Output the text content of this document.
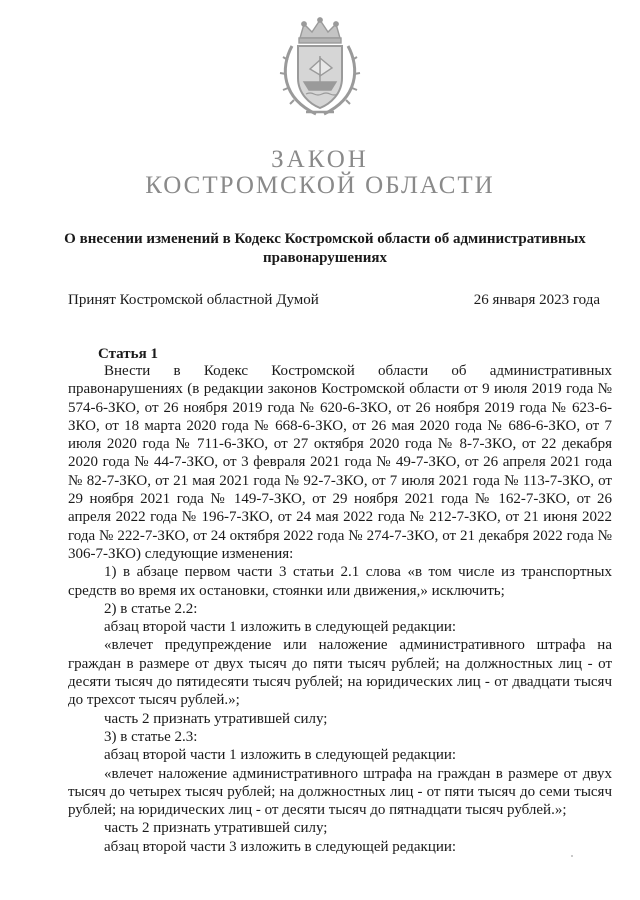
ЗАКОН
КОСТРОМСКОЙ ОБЛАСТИ
О внесении изменений в Кодекс Костромской области об административных правонарушениях
Принят Костромской областной Думой	26 января 2023 года
Статья 1

Внести в Кодекс Костромской области об административных правонарушениях (в редакции законов Костромской области от 9 июля 2019 года № 574-6-ЗКО, от 26 ноября 2019 года № 620-6-ЗКО, от 26 ноября 2019 года № 623-6-ЗКО, от 18 марта 2020 года № 668-6-ЗКО, от 26 мая 2020 года № 686-6-ЗКО, от 7 июля 2020 года № 711-6-ЗКО, от 27 октября 2020 года № 8-7-ЗКО, от 22 декабря 2020 года № 44-7-ЗКО, от 3 февраля 2021 года № 49-7-ЗКО, от 26 апреля 2021 года № 82-7-ЗКО, от 21 мая 2021 года № 92-7-ЗКО, от 7 июля 2021 года № 113-7-ЗКО, от 29 ноября 2021 года № 149-7-ЗКО, от 29 ноября 2021 года № 162-7-ЗКО, от 26 апреля 2022 года № 196-7-ЗКО, от 24 мая 2022 года № 212-7-ЗКО, от 21 июня 2022 года № 222-7-ЗКО, от 24 октября 2022 года № 274-7-ЗКО, от 21 декабря 2022 года № 306-7-ЗКО) следующие изменения:

1) в абзаце первом части 3 статьи 2.1 слова «в том числе из транспортных средств во время их остановки, стоянки или движения,» исключить;

2) в статье 2.2:

абзац второй части 1 изложить в следующей редакции:

«влечет предупреждение или наложение административного штрафа на граждан в размере от двух тысяч до пяти тысяч рублей; на должностных лиц - от десяти тысяч до пятидесяти тысяч рублей; на юридических лиц - от двадцати тысяч до трехсот тысяч рублей.»;

часть 2 признать утратившей силу;

3) в статье 2.3:

абзац второй части 1 изложить в следующей редакции:

«влечет наложение административного штрафа на граждан в размере от двух тысяч до четырех тысяч рублей; на должностных лиц - от пяти тысяч до семи тысяч рублей; на юридических лиц - от десяти тысяч до пятнадцати тысяч рублей.»;

часть 2 признать утратившей силу;

абзац второй части 3 изложить в следующей редакции:
